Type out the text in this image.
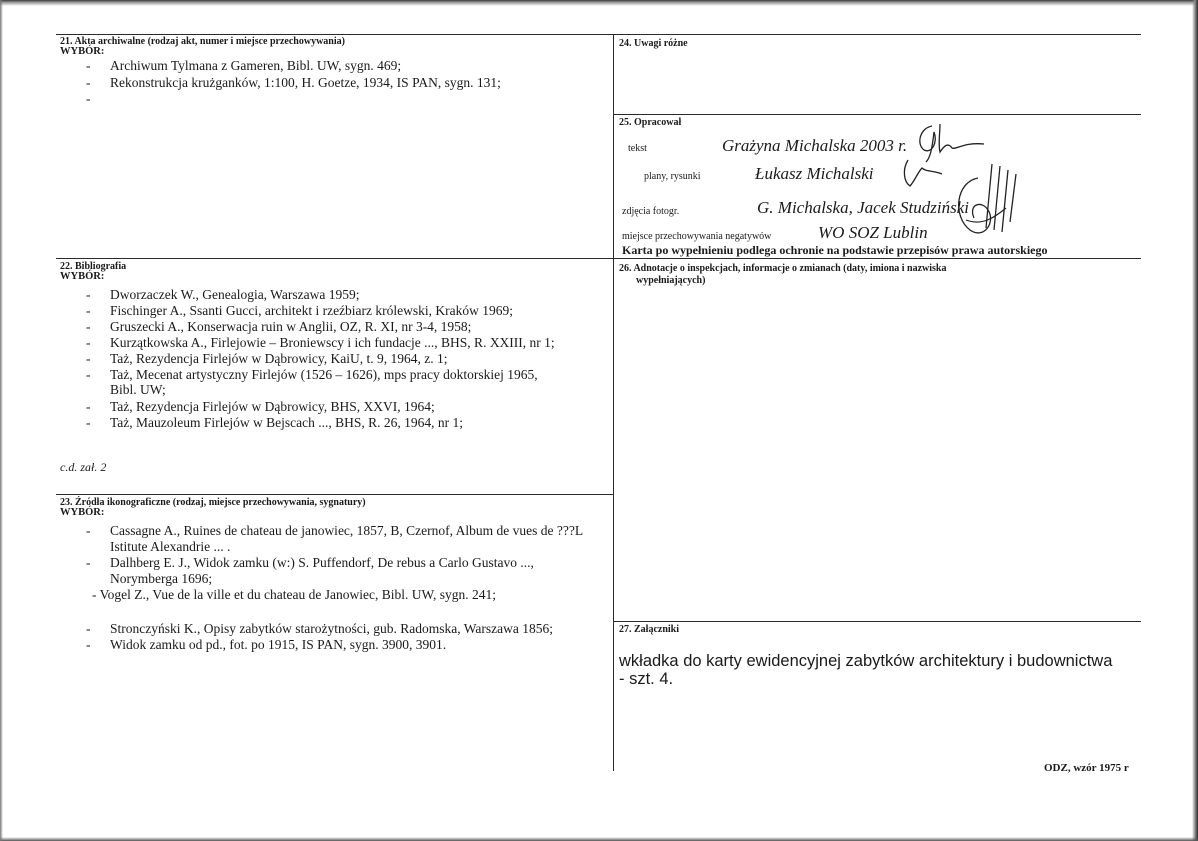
21. Akta archiwalne (rodzaj akt, numer i miejsce przechowywania)
WYBÓR:
- Archiwum Tylmana z Gameren, Bibl. UW, sygn. 469;
- Rekonstrukcja krużganków, 1:100, H. Goetze, 1934, IS PAN, sygn. 131;
-
22. Bibliografia
WYBÓR:
- Dworzaczek W., Genealogia, Warszawa 1959;
- Fischinger A., Ssanti Gucci, architekt i rzeźbiarz królewski, Kraków 1969;
- Gruszecki A., Konserwacja ruin w Anglii, OZ, R. XI, nr 3-4, 1958;
- Kurzątkowska A., Firlejowie – Broniewscy i ich fundacje ..., BHS, R. XXIII, nr 1;
- Taż, Rezydencja Firlejów w Dąbrowicy, KaiU, t. 9, 1964, z. 1;
- Taż, Mecenat artystyczny Firlejów (1526 – 1626), mps pracy doktorskiej 1965,
Bibl. UW;
- Taż, Rezydencja Firlejów w Dąbrowicy, BHS, XXVI, 1964;
- Taż, Mauzoleum Firlejów w Bejscach ..., BHS, R. 26, 1964, nr 1;
c.d. zał. 2
23. Źródła ikonograficzne (rodzaj, miejsce przechowywania, sygnatury)
WYBÓR:
- Cassagne A., Ruines de chateau de janowiec, 1857, B, Czernof, Album de vues de ???L
Istitute Alexandrie ... .
- Dalhberg E. J., Widok zamku (w:) S. Puffendorf, De rebus a Carlo Gustavo ...,
Norymberga 1696;
- Vogel Z., Vue de la ville et du chateau de Janowiec, Bibl. UW, sygn. 241;
- Stronczyński K., Opisy zabytków starożytności, gub. Radomska, Warszawa 1856;
- Widok zamku od pd., fot. po 1915, IS PAN, sygn. 3900, 3901.
24. Uwagi różne
25. Opracował
tekst	Grażyna Michalska 2003 r.
plany, rysunki	Łukasz Michalski
zdjęcia fotogr.	G. Michalska, Jacek Studziński
miejsce przechowywania negatywów	WO SOZ Lublin
Karta po wypełnieniu podlega ochronie na podstawie przepisów prawa autorskiego
26. Adnotacje o inspekcjach, informacje o zmianach (daty, imiona i nazwiska
wypełniających)
27. Załączniki
wkładka do karty ewidencyjnej zabytków architektury i budownictwa
- szt. 4.
ODZ, wzór 1975 r
